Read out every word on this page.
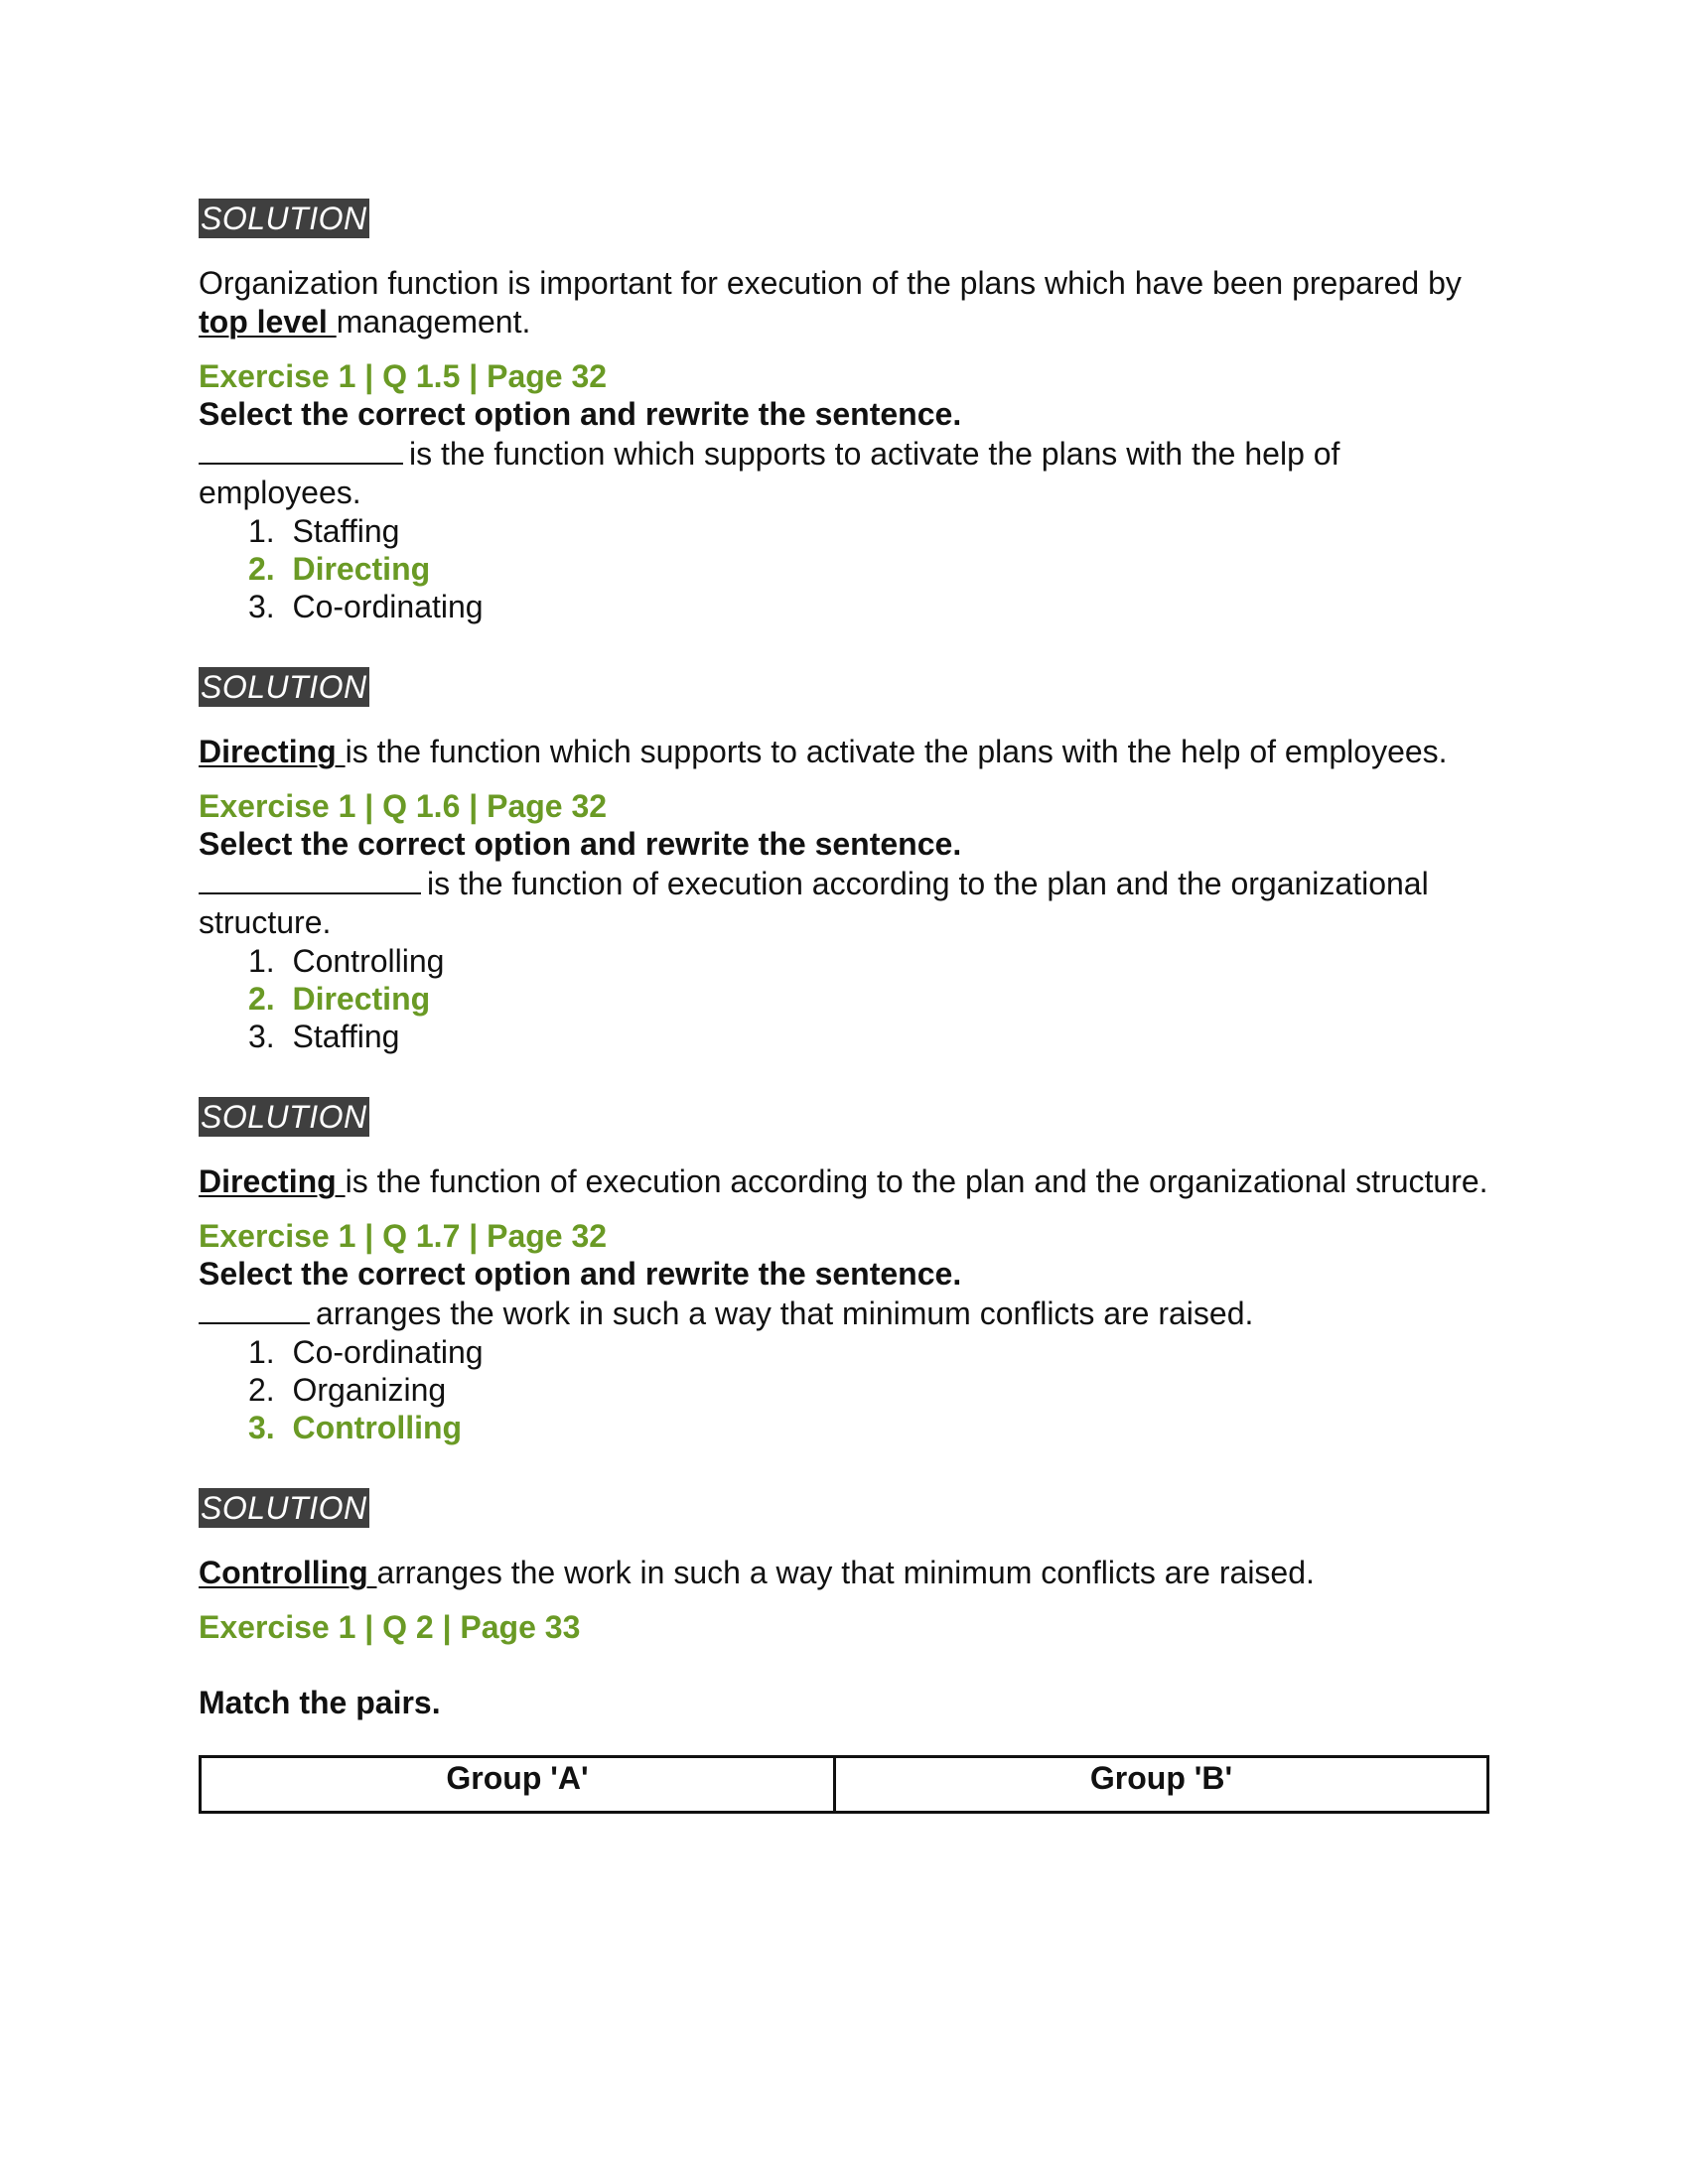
SOLUTION

Organization function is important for execution of the plans which have been prepared by top level management.

Exercise 1 | Q 1.5 | Page 32

Select the correct option and rewrite the sentence.

is the function which supports to activate the plans with the help of employees.

1. Staffing
2. Directing
3. Co-ordinating
SOLUTION

Directing is the function which supports to activate the plans with the help of employees.

Exercise 1 | Q 1.6 | Page 32

Select the correct option and rewrite the sentence.

is the function of execution according to the plan and the organizational structure.

1. Controlling
2. Directing
3. Staffing
SOLUTION

Directing is the function of execution according to the plan and the organizational structure.

Exercise 1 | Q 1.7 | Page 32

Select the correct option and rewrite the sentence.

arranges the work in such a way that minimum conflicts are raised.

1. Co-ordinating
2. Organizing
3. Controlling
SOLUTION

Controlling arranges the work in such a way that minimum conflicts are raised.

Exercise 1 | Q 2 | Page 33

Match the pairs.

Group 'A'	Group 'B'
